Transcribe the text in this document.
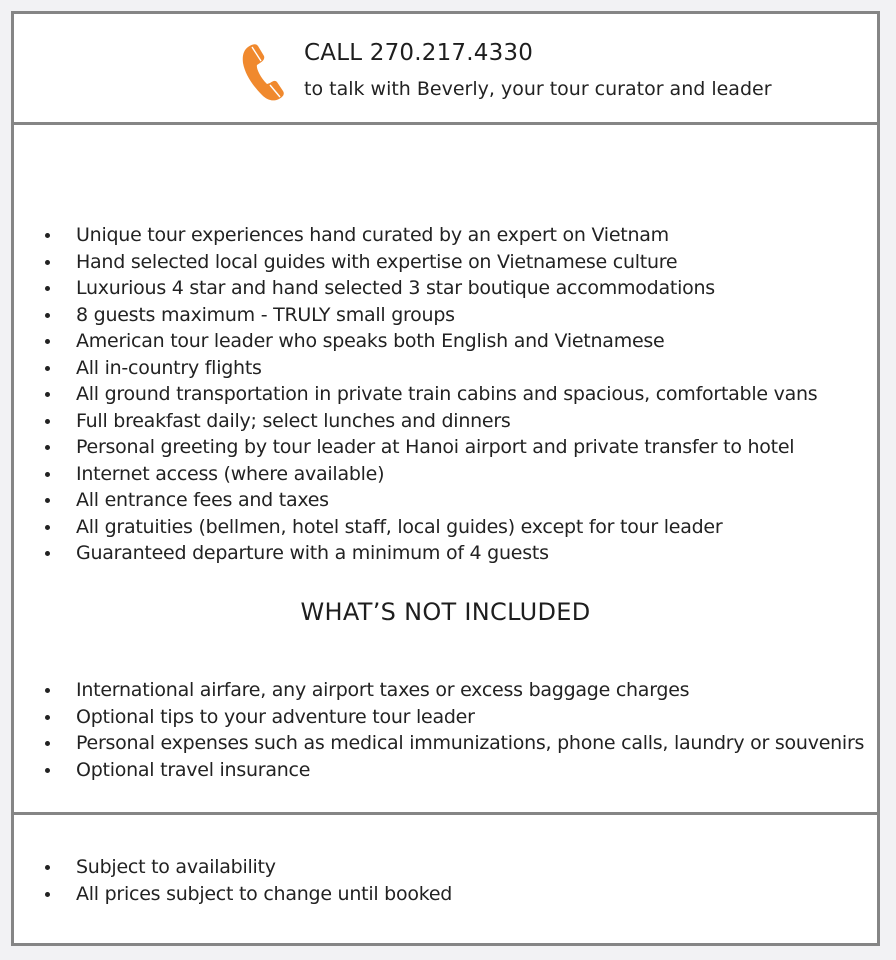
CALL 270.217.4330
to talk with Beverly, your tour curator and leader
Unique tour experiences hand curated by an expert on Vietnam
Hand selected local guides with expertise on Vietnamese culture
Luxurious 4 star and hand selected 3 star boutique accommodations
8 guests maximum - TRULY small groups
American tour leader who speaks both English and Vietnamese
All in-country flights
All ground transportation in private train cabins and spacious, comfortable vans
Full breakfast daily; select lunches and dinners
Personal greeting by tour leader at Hanoi airport and private transfer to hotel
Internet access (where available)
All entrance fees and taxes
All gratuities (bellmen, hotel staff, local guides) except for tour leader
Guaranteed departure with a minimum of 4 guests
WHAT’S NOT INCLUDED
International airfare, any airport taxes or excess baggage charges
Optional tips to your adventure tour leader
Personal expenses such as medical immunizations, phone calls, laundry or souvenirs
Optional travel insurance
Subject to availability
All prices subject to change until booked
